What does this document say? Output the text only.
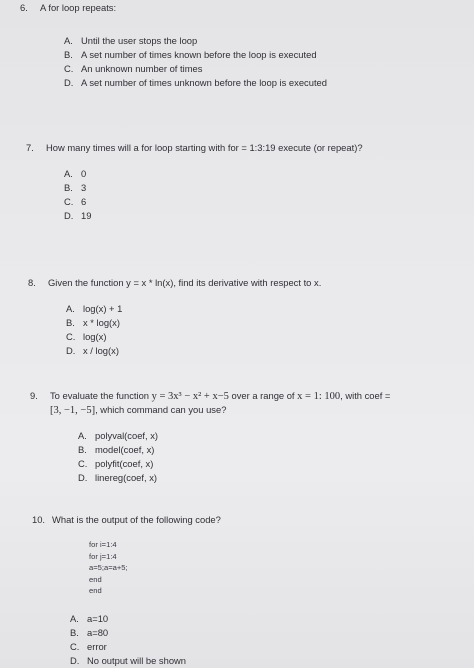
6. A for loop repeats:
A. Until the user stops the loop
B. A set number of times known before the loop is executed
C. An unknown number of times
D. A set number of times unknown before the loop is executed
7. How many times will a for loop starting with for = 1:3:19 execute (or repeat)?
A. 0
B. 3
C. 6
D. 19
8. Given the function y = x * ln(x), find its derivative with respect to x.
A. log(x) + 1
B. x * log(x)
C. log(x)
D. x / log(x)
9. To evaluate the function y = 3x³ − x² + x−5 over a range of x = 1: 100, with coef =
[3, −1, −5], which command can you use?
A. polyval(coef, x)
B. model(coef, x)
C. polyfit(coef, x)
D. linereg(coef, x)
10. What is the output of the following code?
for i=1:4
for j=1:4
a=5;a=a+5;
end
end
A. a=10
B. a=80
C. error
D. No output will be shown
